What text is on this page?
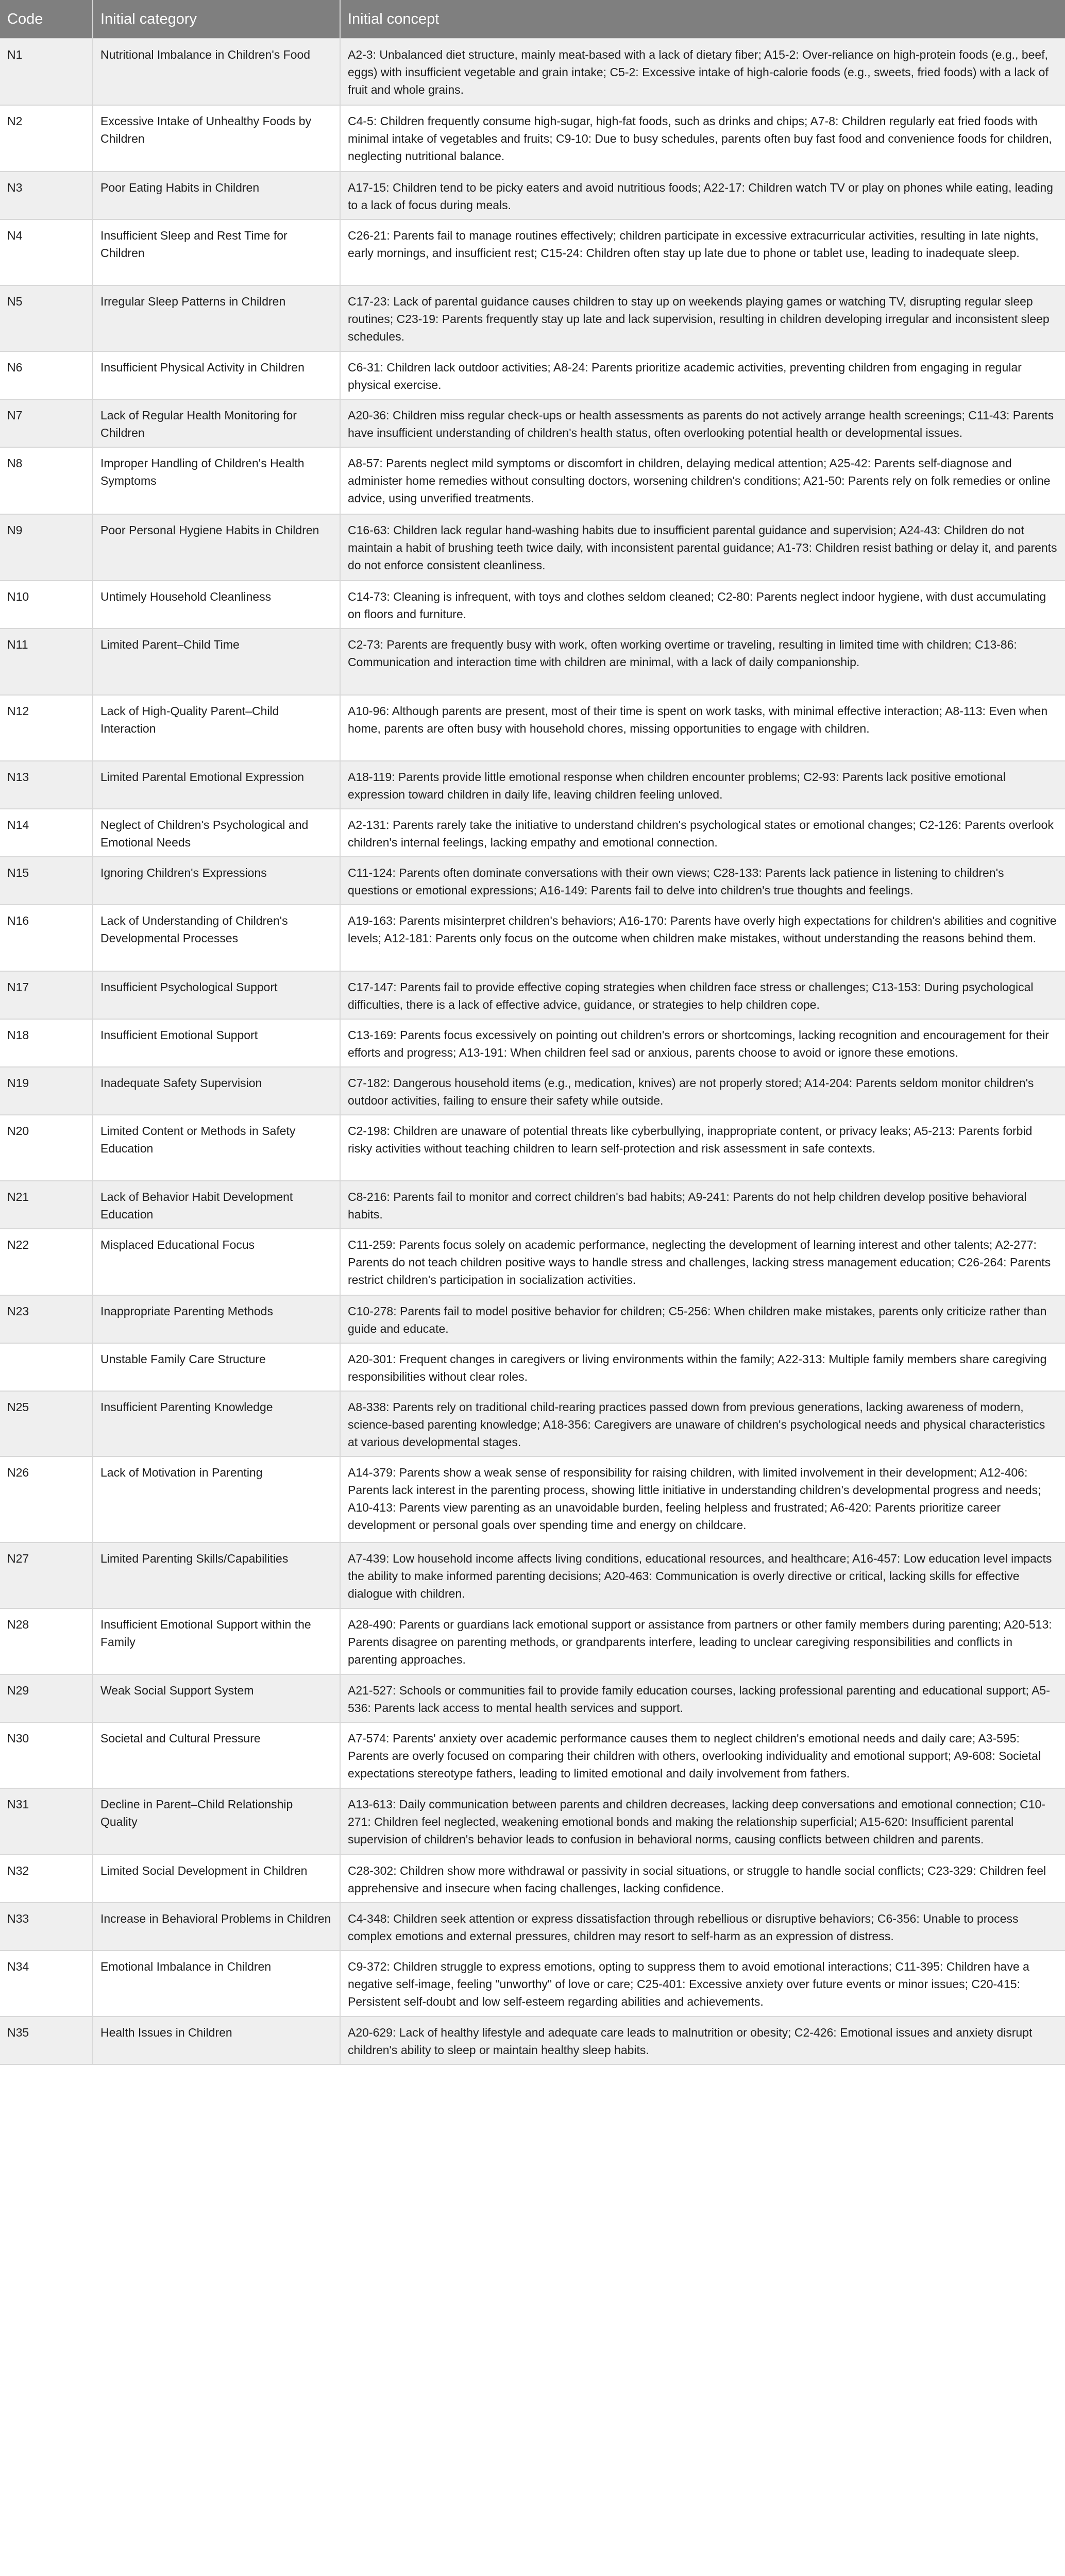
Code	Initial category	Initial concept
N1	Nutritional Imbalance in Children's Food	A2-3: Unbalanced diet structure, mainly meat-based with a lack of dietary fiber; A15-2: Over-reliance on high-protein foods (e.g., beef, eggs) with insufficient vegetable and grain intake; C5-2: Excessive intake of high-calorie foods (e.g., sweets, fried foods) with a lack of fruit and whole grains.
N2	Excessive Intake of Unhealthy Foods by Children	C4-5: Children frequently consume high-sugar, high-fat foods, such as drinks and chips; A7-8: Children regularly eat fried foods with minimal intake of vegetables and fruits; C9-10: Due to busy schedules, parents often buy fast food and convenience foods for children, neglecting nutritional balance.
N3	Poor Eating Habits in Children	A17-15: Children tend to be picky eaters and avoid nutritious foods; A22-17: Children watch TV or play on phones while eating, leading to a lack of focus during meals.
N4	Insufficient Sleep and Rest Time for Children	C26-21: Parents fail to manage routines effectively; children participate in excessive extracurricular activities, resulting in late nights, early mornings, and insufficient rest; C15-24: Children often stay up late due to phone or tablet use, leading to inadequate sleep.
N5	Irregular Sleep Patterns in Children	C17-23: Lack of parental guidance causes children to stay up on weekends playing games or watching TV, disrupting regular sleep routines; C23-19: Parents frequently stay up late and lack supervision, resulting in children developing irregular and inconsistent sleep schedules.
N6	Insufficient Physical Activity in Children	C6-31: Children lack outdoor activities; A8-24: Parents prioritize academic activities, preventing children from engaging in regular physical exercise.
N7	Lack of Regular Health Monitoring for Children	A20-36: Children miss regular check-ups or health assessments as parents do not actively arrange health screenings; C11-43: Parents have insufficient understanding of children's health status, often overlooking potential health or developmental issues.
N8	Improper Handling of Children's Health Symptoms	A8-57: Parents neglect mild symptoms or discomfort in children, delaying medical attention; A25-42: Parents self-diagnose and administer home remedies without consulting doctors, worsening children's conditions; A21-50: Parents rely on folk remedies or online advice, using unverified treatments.
N9	Poor Personal Hygiene Habits in Children	C16-63: Children lack regular hand-washing habits due to insufficient parental guidance and supervision; A24-43: Children do not maintain a habit of brushing teeth twice daily, with inconsistent parental guidance; A1-73: Children resist bathing or delay it, and parents do not enforce consistent cleanliness.
N10	Untimely Household Cleanliness	C14-73: Cleaning is infrequent, with toys and clothes seldom cleaned; C2-80: Parents neglect indoor hygiene, with dust accumulating on floors and furniture.
N11	Limited Parent–Child Time	C2-73: Parents are frequently busy with work, often working overtime or traveling, resulting in limited time with children; C13-86: Communication and interaction time with children are minimal, with a lack of daily companionship.
N12	Lack of High-Quality Parent–Child Interaction	A10-96: Although parents are present, most of their time is spent on work tasks, with minimal effective interaction; A8-113: Even when home, parents are often busy with household chores, missing opportunities to engage with children.
N13	Limited Parental Emotional Expression	A18-119: Parents provide little emotional response when children encounter problems; C2-93: Parents lack positive emotional expression toward children in daily life, leaving children feeling unloved.
N14	Neglect of Children's Psychological and Emotional Needs	A2-131: Parents rarely take the initiative to understand children's psychological states or emotional changes; C2-126: Parents overlook children's internal feelings, lacking empathy and emotional connection.
N15	Ignoring Children's Expressions	C11-124: Parents often dominate conversations with their own views; C28-133: Parents lack patience in listening to children's questions or emotional expressions; A16-149: Parents fail to delve into children's true thoughts and feelings.
N16	Lack of Understanding of Children's Developmental Processes	A19-163: Parents misinterpret children's behaviors; A16-170: Parents have overly high expectations for children's abilities and cognitive levels; A12-181: Parents only focus on the outcome when children make mistakes, without understanding the reasons behind them.
N17	Insufficient Psychological Support	C17-147: Parents fail to provide effective coping strategies when children face stress or challenges; C13-153: During psychological difficulties, there is a lack of effective advice, guidance, or strategies to help children cope.
N18	Insufficient Emotional Support	C13-169: Parents focus excessively on pointing out children's errors or shortcomings, lacking recognition and encouragement for their efforts and progress; A13-191: When children feel sad or anxious, parents choose to avoid or ignore these emotions.
N19	Inadequate Safety Supervision	C7-182: Dangerous household items (e.g., medication, knives) are not properly stored; A14-204: Parents seldom monitor children's outdoor activities, failing to ensure their safety while outside.
N20	Limited Content or Methods in Safety Education	C2-198: Children are unaware of potential threats like cyberbullying, inappropriate content, or privacy leaks; A5-213: Parents forbid risky activities without teaching children to learn self-protection and risk assessment in safe contexts.
N21	Lack of Behavior Habit Development Education	C8-216: Parents fail to monitor and correct children's bad habits; A9-241: Parents do not help children develop positive behavioral habits.
N22	Misplaced Educational Focus	C11-259: Parents focus solely on academic performance, neglecting the development of learning interest and other talents; A2-277: Parents do not teach children positive ways to handle stress and challenges, lacking stress management education; C26-264: Parents restrict children's participation in socialization activities.
N23	Inappropriate Parenting Methods	C10-278: Parents fail to model positive behavior for children; C5-256: When children make mistakes, parents only criticize rather than guide and educate.
	Unstable Family Care Structure	A20-301: Frequent changes in caregivers or living environments within the family; A22-313: Multiple family members share caregiving responsibilities without clear roles.
N25	Insufficient Parenting Knowledge	A8-338: Parents rely on traditional child-rearing practices passed down from previous generations, lacking awareness of modern, science-based parenting knowledge; A18-356: Caregivers are unaware of children's psychological needs and physical characteristics at various developmental stages.
N26	Lack of Motivation in Parenting	A14-379: Parents show a weak sense of responsibility for raising children, with limited involvement in their development; A12-406: Parents lack interest in the parenting process, showing little initiative in understanding children's developmental progress and needs; A10-413: Parents view parenting as an unavoidable burden, feeling helpless and frustrated; A6-420: Parents prioritize career development or personal goals over spending time and energy on childcare.
N27	Limited Parenting Skills/Capabilities	A7-439: Low household income affects living conditions, educational resources, and healthcare; A16-457: Low education level impacts the ability to make informed parenting decisions; A20-463: Communication is overly directive or critical, lacking skills for effective dialogue with children.
N28	Insufficient Emotional Support within the Family	A28-490: Parents or guardians lack emotional support or assistance from partners or other family members during parenting; A20-513: Parents disagree on parenting methods, or grandparents interfere, leading to unclear caregiving responsibilities and conflicts in parenting approaches.
N29	Weak Social Support System	A21-527: Schools or communities fail to provide family education courses, lacking professional parenting and educational support; A5-536: Parents lack access to mental health services and support.
N30	Societal and Cultural Pressure	A7-574: Parents' anxiety over academic performance causes them to neglect children's emotional needs and daily care; A3-595: Parents are overly focused on comparing their children with others, overlooking individuality and emotional support; A9-608: Societal expectations stereotype fathers, leading to limited emotional and daily involvement from fathers.
N31	Decline in Parent–Child Relationship Quality	A13-613: Daily communication between parents and children decreases, lacking deep conversations and emotional connection; C10-271: Children feel neglected, weakening emotional bonds and making the relationship superficial; A15-620: Insufficient parental supervision of children's behavior leads to confusion in behavioral norms, causing conflicts between children and parents.
N32	Limited Social Development in Children	C28-302: Children show more withdrawal or passivity in social situations, or struggle to handle social conflicts; C23-329: Children feel apprehensive and insecure when facing challenges, lacking confidence.
N33	Increase in Behavioral Problems in Children	C4-348: Children seek attention or express dissatisfaction through rebellious or disruptive behaviors; C6-356: Unable to process complex emotions and external pressures, children may resort to self-harm as an expression of distress.
N34	Emotional Imbalance in Children	C9-372: Children struggle to express emotions, opting to suppress them to avoid emotional interactions; C11-395: Children have a negative self-image, feeling "unworthy" of love or care; C25-401: Excessive anxiety over future events or minor issues; C20-415: Persistent self-doubt and low self-esteem regarding abilities and achievements.
N35	Health Issues in Children	A20-629: Lack of healthy lifestyle and adequate care leads to malnutrition or obesity; C2-426: Emotional issues and anxiety disrupt children's ability to sleep or maintain healthy sleep habits.
